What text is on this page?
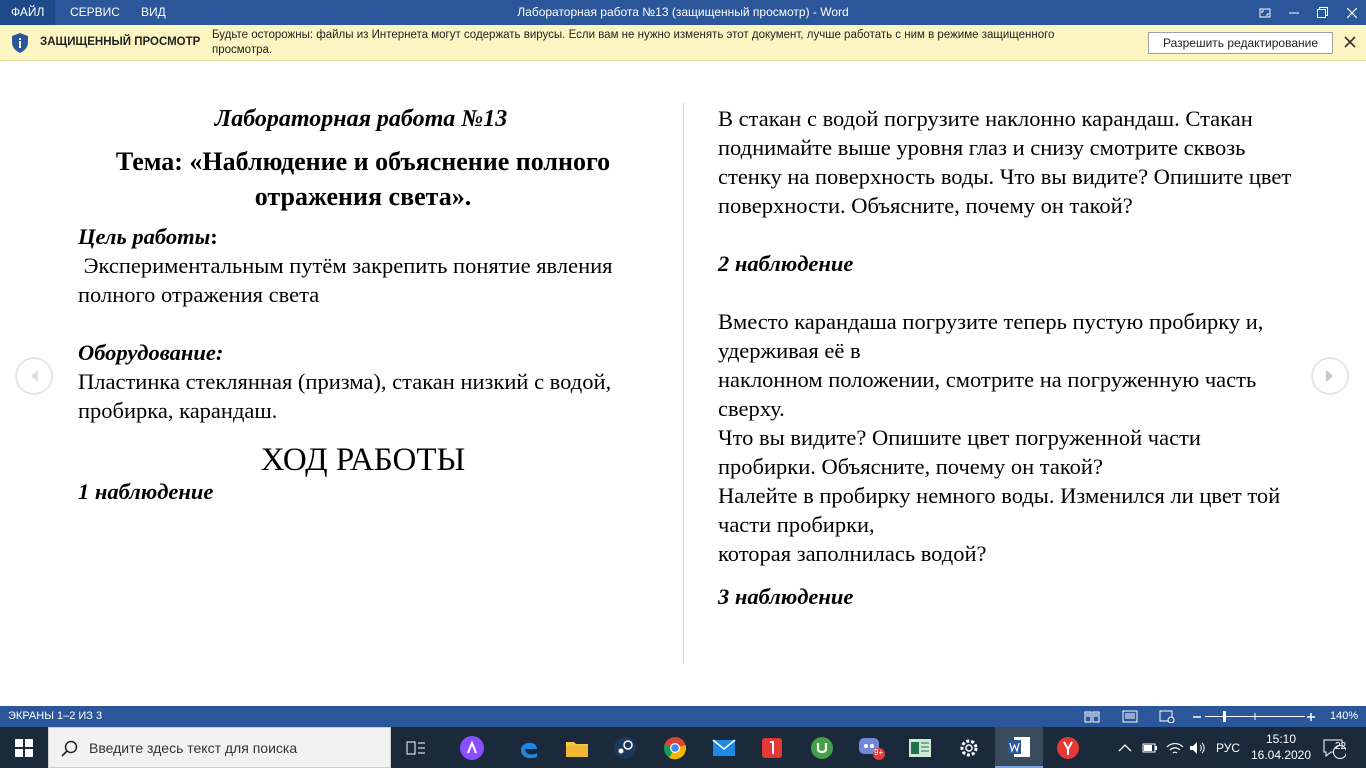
ФАЙЛ	СЕРВИС	ВИД	Лабораторная работа №13 (защищенный просмотр) - Word
ЗАЩИЩЕННЫЙ ПРОСМОТР
Будьте осторожны: файлы из Интернета могут содержать вирусы. Если вам не нужно изменять этот документ, лучше работать с ним в режиме защищенного просмотра.	Разрешить редактирование
Лабораторная работа №13
Тема: «Наблюдение и объяснение полного отражения света».
Цель работы:
Экспериментальным путём закрепить понятие явления
полного отражения света
Оборудование:
Пластинка стеклянная (призма), стакан низкий с водой, пробирка, карандаш.
ХОД РАБОТЫ
1 наблюдение
В стакан с водой погрузите наклонно карандаш. Стакан поднимайте выше уровня глаз и снизу смотрите сквозь стенку на поверхность воды. Что вы видите? Опишите цвет поверхности. Объясните, почему он такой?
2 наблюдение
Вместо карандаша погрузите теперь пустую пробирку и, удерживая её в
наклонном положении, смотрите на погруженную часть сверху.
Что вы видите? Опишите цвет погруженной части пробирки. Объясните, почему он такой?
Налейте в пробирку немного воды. Изменился ли цвет той части пробирки,
которая заполнилась водой?
3 наблюдение
ЭКРАНЫ 1–2 ИЗ 3	140%
Введите здесь текст для поиска	9+	РУС
15:10
16.04.2020
22
